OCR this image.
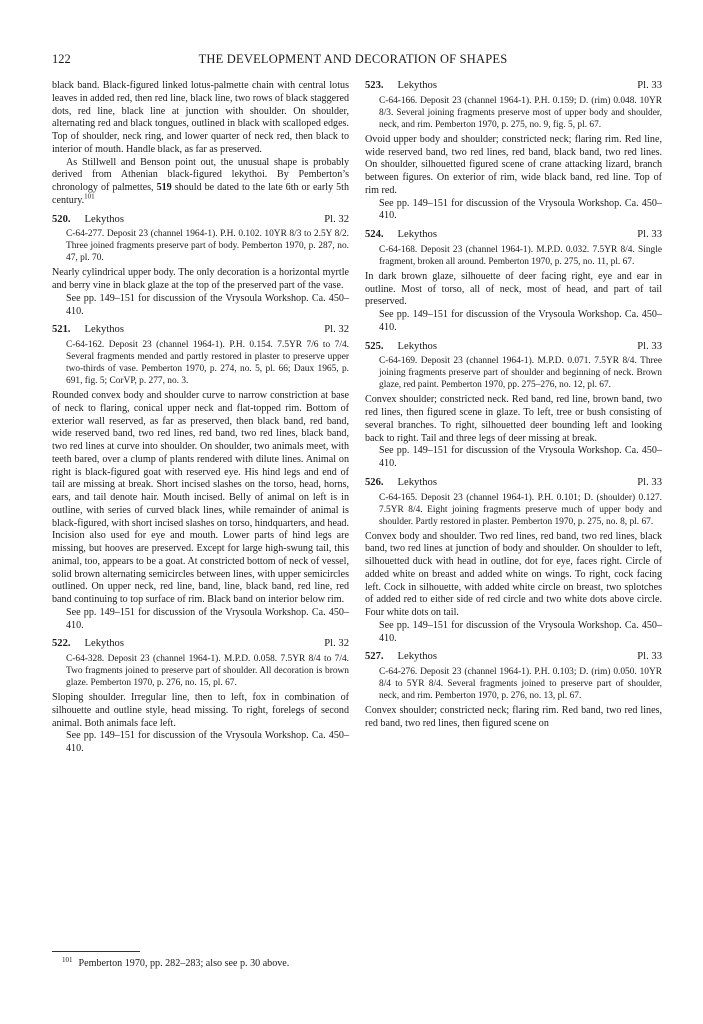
122	THE DEVELOPMENT AND DECORATION OF SHAPES

black band. Black-figured linked lotus-palmette chain with central lotus leaves in added red, then red line, black line, two rows of black staggered dots, red line, black line at junction with shoulder. On shoulder, alternating red and black tongues, outlined in black with scalloped edges. Top of shoulder, neck ring, and lower quarter of neck red, then black to interior of mouth. Handle black, as far as preserved.

As Stillwell and Benson point out, the unusual shape is probably derived from Athenian black-figured lekythoi. By Pemberton’s chronology of palmettes, 519 should be dated to the late 6th or early 5th century.$^{101}$

520. Lekythos	Pl. 32

C-64-277. Deposit 23 (channel 1964-1). P.H. 0.102. 10YR 8/3 to 2.5Y 8/2. Three joined fragments preserve part of body. Pemberton 1970, p. 287, no. 47, pl. 70.

Nearly cylindrical upper body. The only decoration is a horizontal myrtle and berry vine in black glaze at the top of the preserved part of the vase.

See pp. 149–151 for discussion of the Vrysoula Workshop. Ca. 450–410.

521. Lekythos	Pl. 32

C-64-162. Deposit 23 (channel 1964-1). P.H. 0.154. 7.5YR 7/6 to 7/4. Several fragments mended and partly restored in plaster to preserve upper two-thirds of vase. Pemberton 1970, p. 274, no. 5, pl. 66; Daux 1965, p. 691, fig. 5; CorVP, p. 277, no. 3.

Rounded convex body and shoulder curve to narrow constriction at base of neck to flaring, conical upper neck and flat-topped rim. Bottom of exterior wall reserved, as far as preserved, then black band, red band, wide reserved band, two red lines, red band, two red lines, black band, two red lines at curve into shoulder. On shoulder, two animals meet, with teeth bared, over a clump of plants rendered with dilute lines. Animal on right is black-figured goat with reserved eye. His hind legs and end of tail are missing at break. Short incised slashes on the torso, head, horns, ears, and tail denote hair. Mouth incised. Belly of animal on left is in outline, with series of curved black lines, while remainder of animal is black-figured, with short incised slashes on torso, hindquarters, and head. Incision also used for eye and mouth. Lower parts of hind legs are missing, but hooves are preserved. Except for large high-swung tail, this animal, too, appears to be a goat. At constricted bottom of neck of vessel, solid brown alternating semicircles between lines, with upper semicircles outlined. On upper neck, red line, band, line, black band, red line, red band continuing to top surface of rim. Black band on interior below rim.

See pp. 149–151 for discussion of the Vrysoula Workshop. Ca. 450–410.

522. Lekythos	Pl. 32

C-64-328. Deposit 23 (channel 1964-1). M.P.D. 0.058. 7.5YR 8/4 to 7/4. Two fragments joined to preserve part of shoulder. All decoration is brown glaze. Pemberton 1970, p. 276, no. 15, pl. 67.

Sloping shoulder. Irregular line, then to left, fox in combination of silhouette and outline style, head missing. To right, forelegs of second animal. Both animals face left.

See pp. 149–151 for discussion of the Vrysoula Workshop. Ca. 450–410.

523. Lekythos	Pl. 33

C-64-166. Deposit 23 (channel 1964-1). P.H. 0.159; D. (rim) 0.048. 10YR 8/3. Several joining fragments preserve most of upper body and shoulder, neck, and rim. Pemberton 1970, p. 275, no. 9, fig. 5, pl. 67.

Ovoid upper body and shoulder; constricted neck; flaring rim. Red line, wide reserved band, two red lines, red band, black band, two red lines. On shoulder, silhouetted figured scene of crane attacking lizard, branch between figures. On exterior of rim, wide black band, red line. Top of rim red.

See pp. 149–151 for discussion of the Vrysoula Workshop. Ca. 450–410.

524. Lekythos	Pl. 33

C-64-168. Deposit 23 (channel 1964-1). M.P.D. 0.032. 7.5YR 8/4. Single fragment, broken all around. Pemberton 1970, p. 275, no. 11, pl. 67.

In dark brown glaze, silhouette of deer facing right, eye and ear in outline. Most of torso, all of neck, most of head, and part of tail preserved.

See pp. 149–151 for discussion of the Vrysoula Workshop. Ca. 450–410.

525. Lekythos	Pl. 33

C-64-169. Deposit 23 (channel 1964-1). M.P.D. 0.071. 7.5YR 8/4. Three joining fragments preserve part of shoulder and beginning of neck. Brown glaze, red paint. Pemberton 1970, pp. 275–276, no. 12, pl. 67.

Convex shoulder; constricted neck. Red band, red line, brown band, two red lines, then figured scene in glaze. To left, tree or bush consisting of several branches. To right, silhouetted deer bounding left and looking back to right. Tail and three legs of deer missing at break.

See pp. 149–151 for discussion of the Vrysoula Workshop. Ca. 450–410.

526. Lekythos	Pl. 33

C-64-165. Deposit 23 (channel 1964-1). P.H. 0.101; D. (shoulder) 0.127. 7.5YR 8/4. Eight joining fragments preserve much of upper body and shoulder. Partly restored in plaster. Pemberton 1970, p. 275, no. 8, pl. 67.

Convex body and shoulder. Two red lines, red band, two red lines, black band, two red lines at junction of body and shoulder. On shoulder to left, silhouetted duck with head in outline, dot for eye, faces right. Circle of added white on breast and added white on wings. To right, cock facing left. Cock in silhouette, with added white circle on breast, two splotches of added red to either side of red circle and two white dots above circle. Four white dots on tail.

See pp. 149–151 for discussion of the Vrysoula Workshop. Ca. 450–410.

527. Lekythos	Pl. 33

C-64-276. Deposit 23 (channel 1964-1). P.H. 0.103; D. (rim) 0.050. 10YR 8/4 to 5YR 8/4. Several fragments joined to preserve part of shoulder, neck, and rim. Pemberton 1970, p. 276, no. 13, pl. 67.

Convex shoulder; constricted neck; flaring rim. Red band, two red lines, red band, two red lines, then figured scene on

$^{101}$ Pemberton 1970, pp. 282–283; also see p. 30 above.
